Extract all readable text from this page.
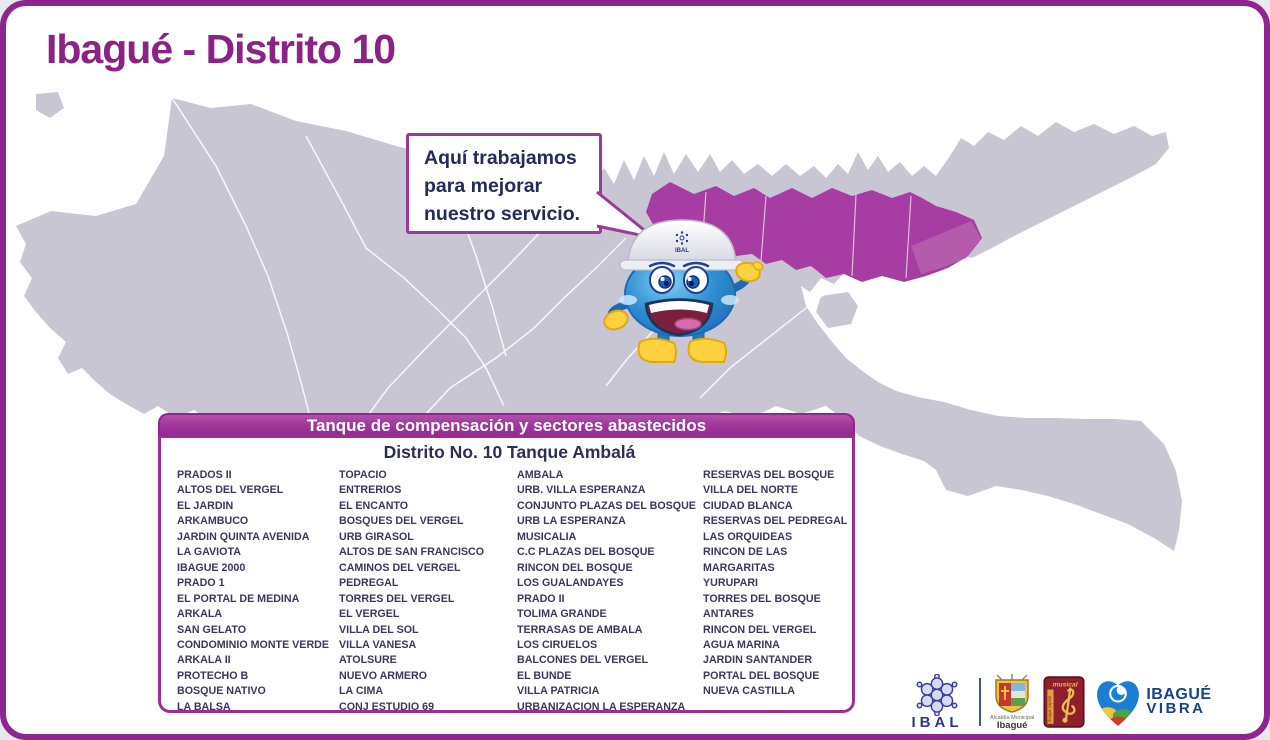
Ibagué - Distrito 10
Aquí trabajamos
para mejorar
nuestro servicio.
IBAL
Tanque de compensación y sectores abastecidos
Distrito No. 10 Tanque Ambalá
PRADOS II
ALTOS DEL VERGEL
EL JARDIN
ARKAMBUCO
JARDIN QUINTA AVENIDA
LA GAVIOTA
IBAGUE 2000
PRADO 1
EL PORTAL DE MEDINA
ARKALA
SAN GELATO
CONDOMINIO MONTE VERDE
ARKALA II
PROTECHO B
BOSQUE NATIVO
LA BALSA
TOPACIO
ENTRERIOS
EL ENCANTO
BOSQUES DEL VERGEL
URB GIRASOL
ALTOS DE SAN FRANCISCO
CAMINOS DEL VERGEL
PEDREGAL
TORRES DEL VERGEL
EL VERGEL
VILLA DEL SOL
VILLA VANESA
ATOLSURE
NUEVO ARMERO
LA CIMA
CONJ ESTUDIO 69
AMBALA
URB. VILLA ESPERANZA
CONJUNTO PLAZAS DEL BOSQUE
URB LA ESPERANZA
MUSICALIA
C.C PLAZAS DEL BOSQUE
RINCON DEL BOSQUE
LOS GUALANDAYES
PRADO II
TOLIMA GRANDE
TERRASAS DE AMBALA
LOS CIRUELOS
BALCONES DEL VERGEL
EL BUNDE
VILLA PATRICIA
URBANIZACION LA ESPERANZA
RESERVAS DEL BOSQUE
VILLA DEL NORTE
CIUDAD BLANCA
RESERVAS DEL PEDREGAL
LAS ORQUIDEAS
RINCON DE LAS
MARGARITAS
YURUPARI
TORRES DEL BOSQUE
ANTARES
RINCON DEL VERGEL
AGUA MARINA
JARDIN SANTANDER
PORTAL DEL BOSQUE
NUEVA CASTILLA
IBAL	Alcaldía Municipal
Ibagué
musical
ibagué capital
IBAGUÉ
VIBRA
